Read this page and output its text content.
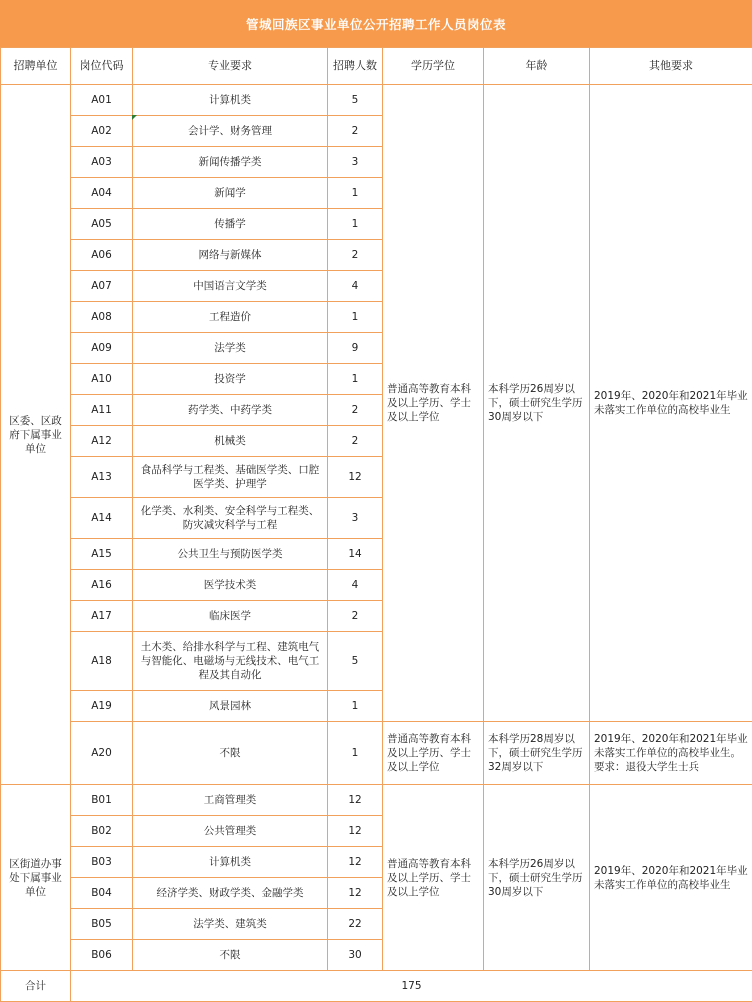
管城回族区事业单位公开招聘工作人员岗位表
招聘单位	岗位代码	专业要求	招聘人数	学历学位	年龄	其他要求
区委、区政府下属事业单位	A01	计算机类	5	普通高等教育本科及以上学历、学士及以上学位	本科学历26周岁以下，硕士研究生学历30周岁以下	2019年、2020年和2021年毕业未落实工作单位的高校毕业生
	A02	会计学、财务管理	2			
	A03	新闻传播学类	3			
	A04	新闻学	1			
	A05	传播学	1			
	A06	网络与新媒体	2			
	A07	中国语言文学类	4			
	A08	工程造价	1			
	A09	法学类	9			
	A10	投资学	1			
	A11	药学类、中药学类	2			
	A12	机械类	2			
	A13	食品科学与工程类、基础医学类、口腔医学类、护理学	12			
	A14	化学类、水利类、安全科学与工程类、防灾减灾科学与工程	3			
	A15	公共卫生与预防医学类	14			
	A16	医学技术类	4			
	A17	临床医学	2			
	A18	土木类、给排水科学与工程、建筑电气与智能化、电磁场与无线技术、电气工程及其自动化	5			
	A19	风景园林	1			
	A20	不限	1	普通高等教育本科及以上学历、学士及以上学位	本科学历28周岁以下，硕士研究生学历32周岁以下	2019年、2020年和2021年毕业未落实工作单位的高校毕业生。要求：退役大学生士兵
区街道办事处下属事业单位	B01	工商管理类	12	普通高等教育本科及以上学历、学士及以上学位	本科学历26周岁以下，硕士研究生学历30周岁以下	2019年、2020年和2021年毕业未落实工作单位的高校毕业生
	B02	公共管理类	12			
	B03	计算机类	12			
	B04	经济学类、财政学类、金融学类	12			
	B05	法学类、建筑类	22			
	B06	不限	30			
合计	175					
